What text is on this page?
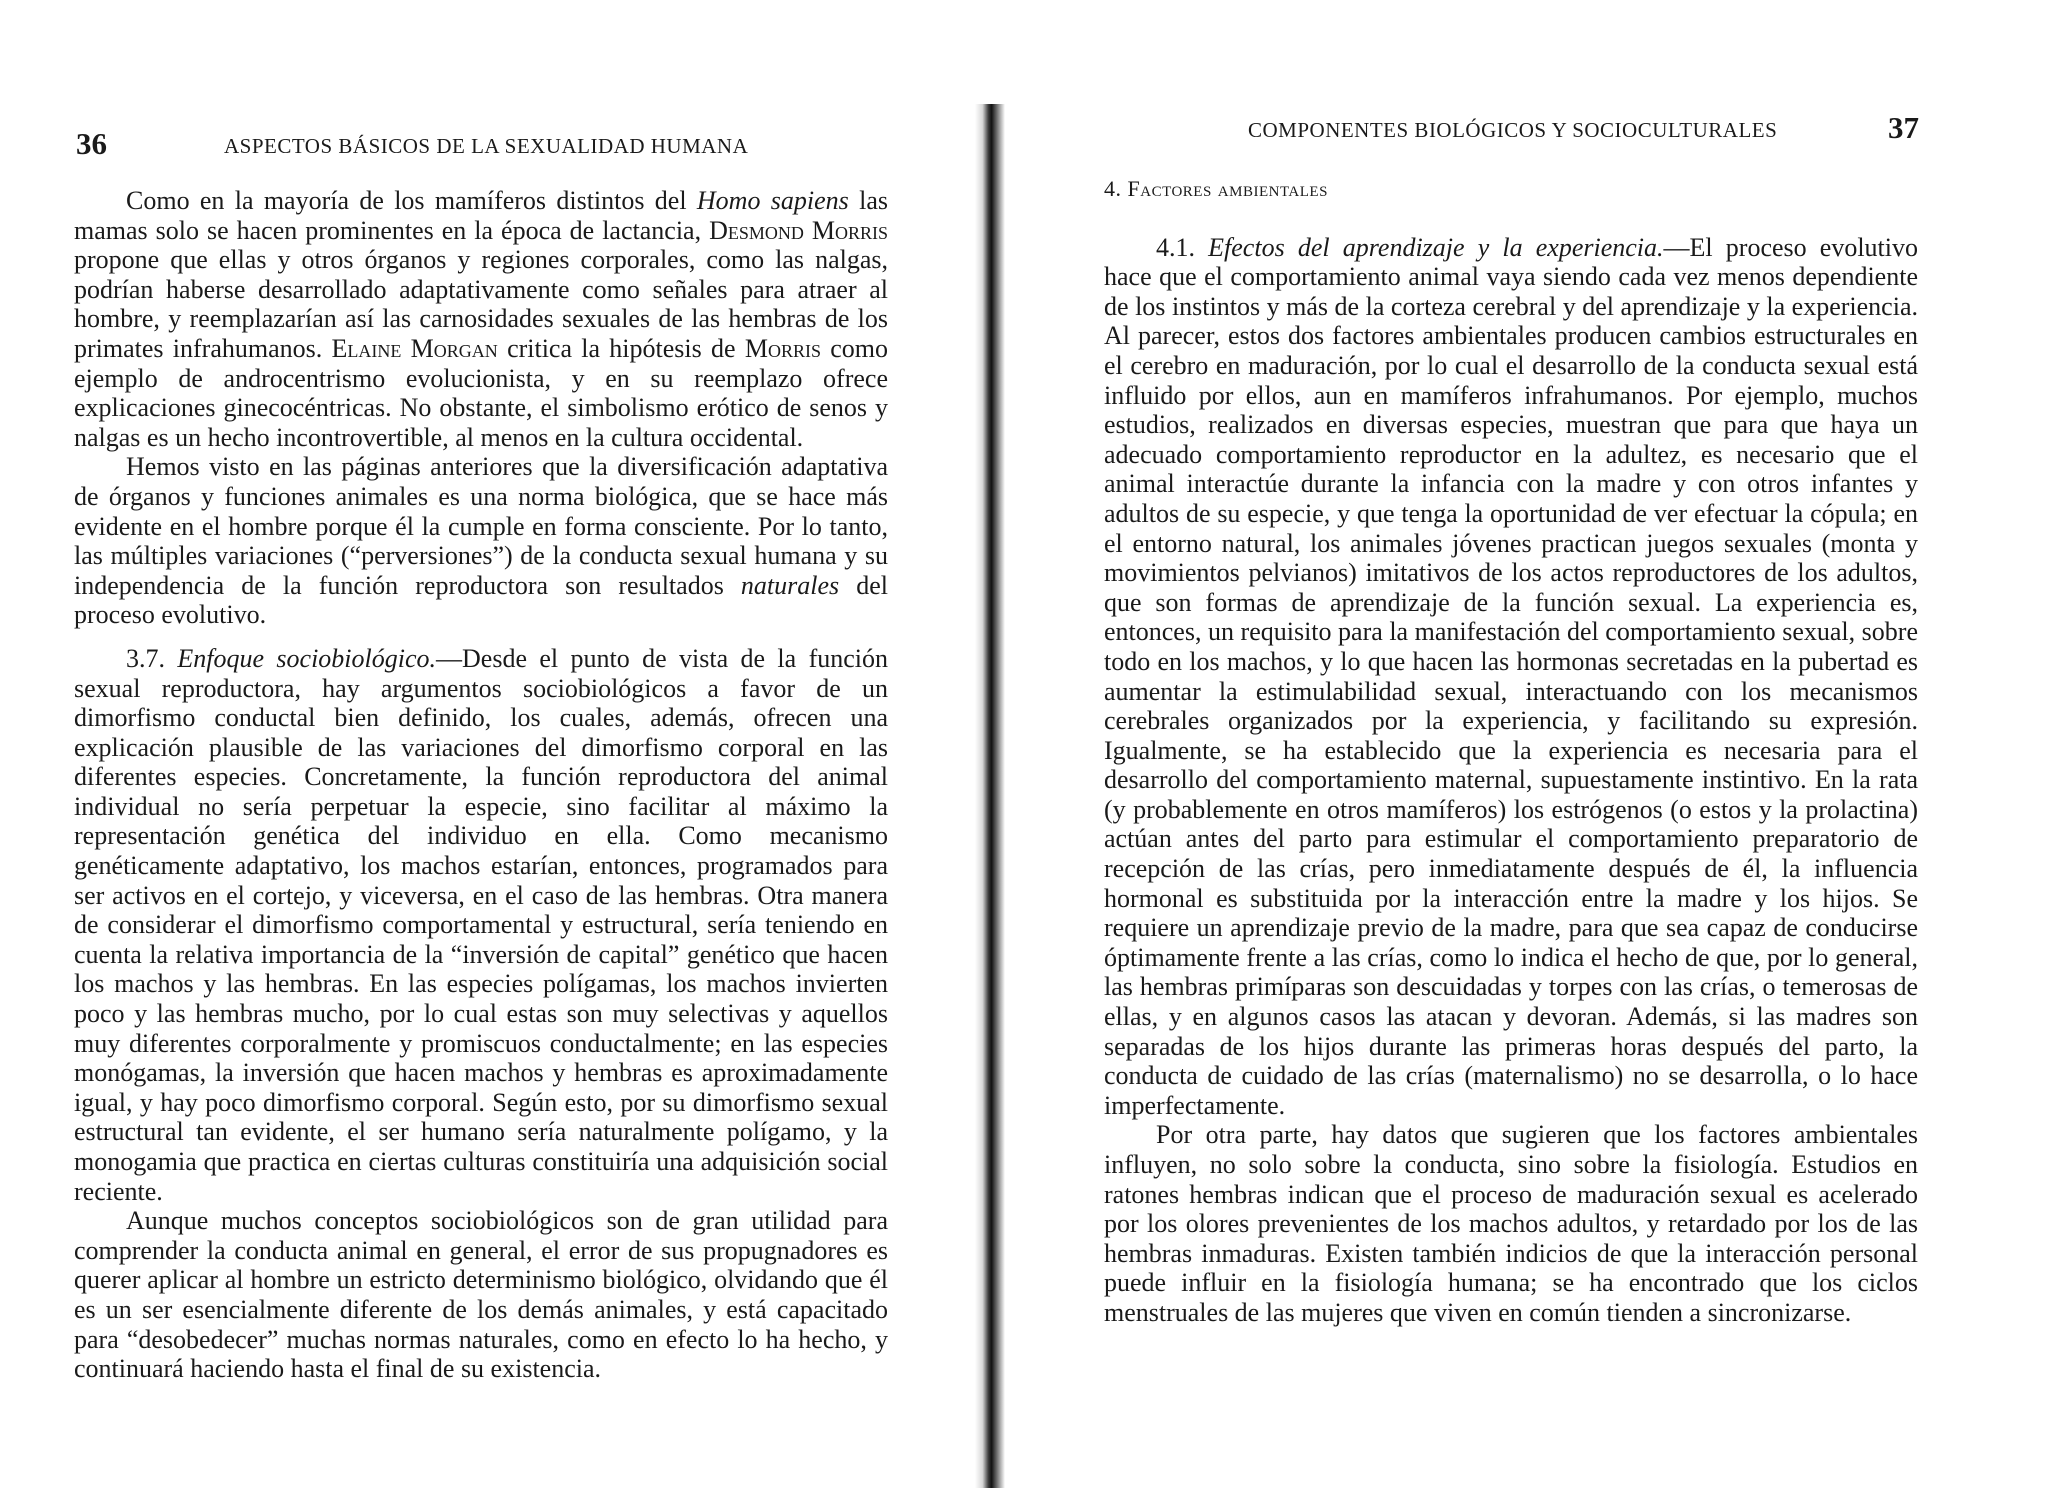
36	ASPECTOS BÁSICOS DE LA SEXUALIDAD HUMANA

Como en la mayoría de los mamíferos distintos del Homo sapiens las mamas solo se hacen prominentes en la época de lactancia, Desmond Morris propone que ellas y otros órganos y regiones corporales, como las nalgas, podrían haberse desarrollado adaptativamente como señales para atraer al hombre, y reemplazarían así las carnosidades sexuales de las hembras de los primates infrahumanos. Elaine Morgan critica la hipótesis de Morris como ejemplo de androcentrismo evolucionista, y en su reemplazo ofrece explicaciones ginecocéntricas. No obstante, el simbolismo erótico de senos y nalgas es un hecho incontrovertible, al menos en la cultura occidental.

Hemos visto en las páginas anteriores que la diversificación adaptativa de órganos y funciones animales es una norma biológica, que se hace más evidente en el hombre porque él la cumple en forma consciente. Por lo tanto, las múltiples variaciones (“perversiones”) de la conducta sexual humana y su independencia de la función reproductora son resultados naturales del proceso evolutivo.

3.7. Enfoque sociobiológico.—Desde el punto de vista de la función sexual reproductora, hay argumentos sociobiológicos a favor de un dimorfismo conductal bien definido, los cuales, además, ofrecen una explicación plausible de las variaciones del dimorfismo corporal en las diferentes especies. Concretamente, la función reproductora del animal individual no sería perpetuar la especie, sino facilitar al máximo la representación genética del individuo en ella. Como mecanismo genéticamente adaptativo, los machos estarían, entonces, programados para ser activos en el cortejo, y viceversa, en el caso de las hembras. Otra manera de considerar el dimorfismo comportamental y estructural, sería teniendo en cuenta la relativa importancia de la “inversión de capital” genético que hacen los machos y las hembras. En las especies polígamas, los machos invierten poco y las hembras mucho, por lo cual estas son muy selectivas y aquellos muy diferentes corporalmente y promiscuos conductalmente; en las especies monógamas, la inversión que hacen machos y hembras es aproximadamente igual, y hay poco dimorfismo corporal. Según esto, por su dimorfismo sexual estructural tan evidente, el ser humano sería naturalmente polígamo, y la monogamia que practica en ciertas culturas constituiría una adquisición social reciente.

Aunque muchos conceptos sociobiológicos son de gran utilidad para comprender la conducta animal en general, el error de sus propugnadores es querer aplicar al hombre un estricto determinismo biológico, olvidando que él es un ser esencialmente diferente de los demás animales, y está capacitado para “desobedecer” muchas normas naturales, como en efecto lo ha hecho, y continuará haciendo hasta el final de su existencia.

COMPONENTES BIOLÓGICOS Y SOCIOCULTURALES	37

4. Factores ambientales

4.1. Efectos del aprendizaje y la experiencia.—El proceso evolutivo hace que el comportamiento animal vaya siendo cada vez menos dependiente de los instintos y más de la corteza cerebral y del aprendizaje y la experiencia. Al parecer, estos dos factores ambientales producen cambios estructurales en el cerebro en maduración, por lo cual el desarrollo de la conducta sexual está influido por ellos, aun en mamíferos infrahumanos. Por ejemplo, muchos estudios, realizados en diversas especies, muestran que para que haya un adecuado comportamiento reproductor en la adultez, es necesario que el animal interactúe durante la infancia con la madre y con otros infantes y adultos de su especie, y que tenga la oportunidad de ver efectuar la cópula; en el entorno natural, los animales jóvenes practican juegos sexuales (monta y movimientos pelvianos) imitativos de los actos reproductores de los adultos, que son formas de aprendizaje de la función sexual. La experiencia es, entonces, un requisito para la manifestación del comportamiento sexual, sobre todo en los machos, y lo que hacen las hormonas secretadas en la pubertad es aumentar la estimulabilidad sexual, interactuando con los mecanismos cerebrales organizados por la experiencia, y facilitando su expresión. Igualmente, se ha establecido que la experiencia es necesaria para el desarrollo del comportamiento maternal, supuestamente instintivo. En la rata (y probablemente en otros mamíferos) los estrógenos (o estos y la prolactina) actúan antes del parto para estimular el comportamiento preparatorio de recepción de las crías, pero inmediatamente después de él, la influencia hormonal es substituida por la interacción entre la madre y los hijos. Se requiere un aprendizaje previo de la madre, para que sea capaz de conducirse óptimamente frente a las crías, como lo indica el hecho de que, por lo general, las hembras primíparas son descuidadas y torpes con las crías, o temerosas de ellas, y en algunos casos las atacan y devoran. Además, si las madres son separadas de los hijos durante las primeras horas después del parto, la conducta de cuidado de las crías (maternalismo) no se desarrolla, o lo hace imperfectamente.

Por otra parte, hay datos que sugieren que los factores ambientales influyen, no solo sobre la conducta, sino sobre la fisiología. Estudios en ratones hembras indican que el proceso de maduración sexual es acelerado por los olores prevenientes de los machos adultos, y retardado por los de las hembras inmaduras. Existen también indicios de que la interacción personal puede influir en la fisiología humana; se ha encontrado que los ciclos menstruales de las mujeres que viven en común tienden a sincronizarse.
